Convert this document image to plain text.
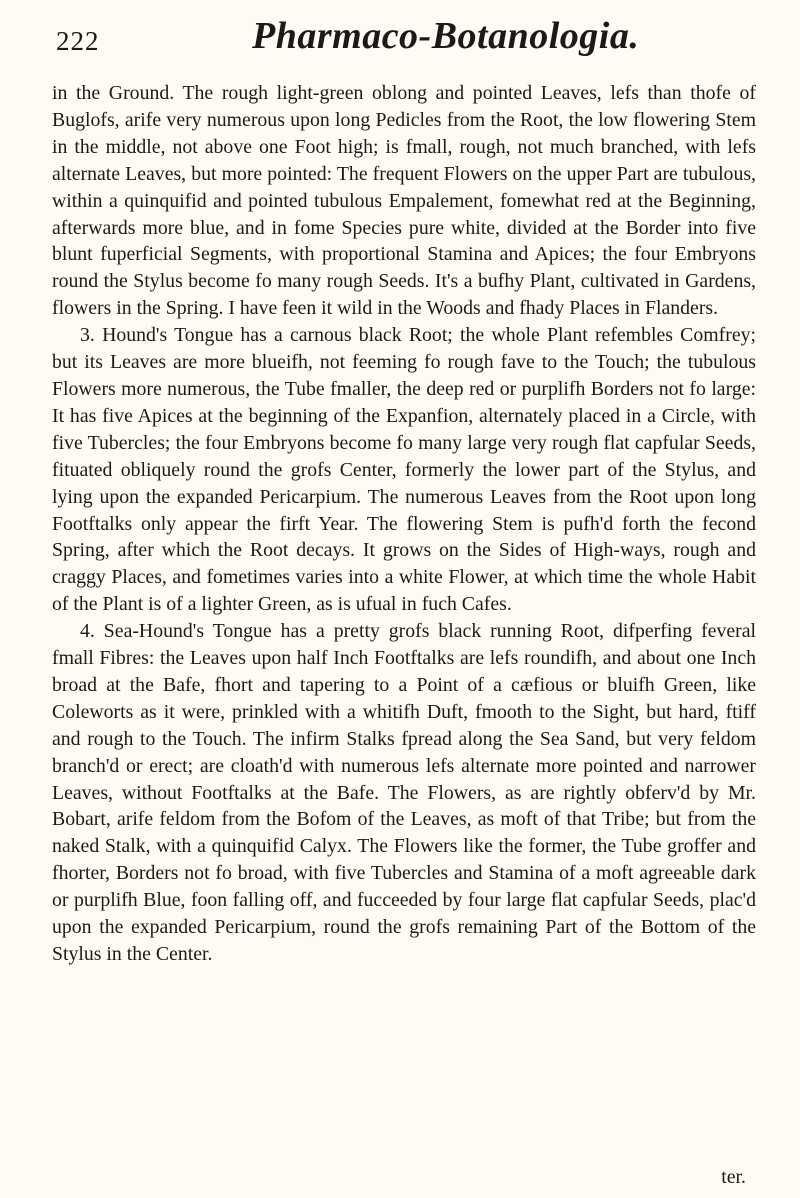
222	Pharmaco-Botanologia.

in the Ground. The rough light-green oblong and pointed Leaves, lefs than thofe of Buglofs, arife very numerous upon long Pedicles from the Root, the low flowering Stem in the middle, not above one Foot high; is fmall, rough, not much branched, with lefs alternate Leaves, but more pointed: The frequent Flowers on the upper Part are tubulous, within a quinquifid and pointed tubulous Empalement, fomewhat red at the Beginning, afterwards more blue, and in fome Species pure white, divided at the Border into five blunt fuperficial Segments, with proportional Stamina and Apices; the four Embryons round the Stylus become fo many rough Seeds. It's a bufhy Plant, cultivated in Gardens, flowers in the Spring. I have feen it wild in the Woods and fhady Places in Flanders.

3. Hound's Tongue has a carnous black Root; the whole Plant refembles Comfrey; but its Leaves are more blueifh, not feeming fo rough fave to the Touch; the tubulous Flowers more numerous, the Tube fmaller, the deep red or purplifh Borders not fo large: It has five Apices at the beginning of the Expanfion, alternately placed in a Circle, with five Tubercles; the four Embryons become fo many large very rough flat capfular Seeds, fituated obliquely round the grofs Center, formerly the lower part of the Stylus, and lying upon the expanded Pericarpium. The numerous Leaves from the Root upon long Footftalks only appear the firft Year. The flowering Stem is pufh'd forth the fecond Spring, after which the Root decays. It grows on the Sides of High-ways, rough and craggy Places, and fometimes varies into a white Flower, at which time the whole Habit of the Plant is of a lighter Green, as is ufual in fuch Cafes.

4. Sea-Hound's Tongue has a pretty grofs black running Root, difperfing feveral fmall Fibres: the Leaves upon half Inch Footftalks are lefs roundifh, and about one Inch broad at the Bafe, fhort and tapering to a Point of a cæfious or bluifh Green, like Coleworts as it were, prinkled with a whitifh Duft, fmooth to the Sight, but hard, ftiff and rough to the Touch. The infirm Stalks fpread along the Sea Sand, but very feldom branch'd or erect; are cloath'd with numerous lefs alternate more pointed and narrower Leaves, without Footftalks at the Bafe. The Flowers, as are rightly obferv'd by Mr. Bobart, arife feldom from the Bofom of the Leaves, as moft of that Tribe; but from the naked Stalk, with a quinquifid Calyx. The Flowers like the former, the Tube groffer and fhorter, Borders not fo broad, with five Tubercles and Stamina of a moft agreeable dark or purplifh Blue, foon falling off, and fucceeded by four large flat capfular Seeds, plac'd upon the expanded Pericarpium, round the grofs remaining Part of the Bottom of the Stylus in the Center.

ter.
